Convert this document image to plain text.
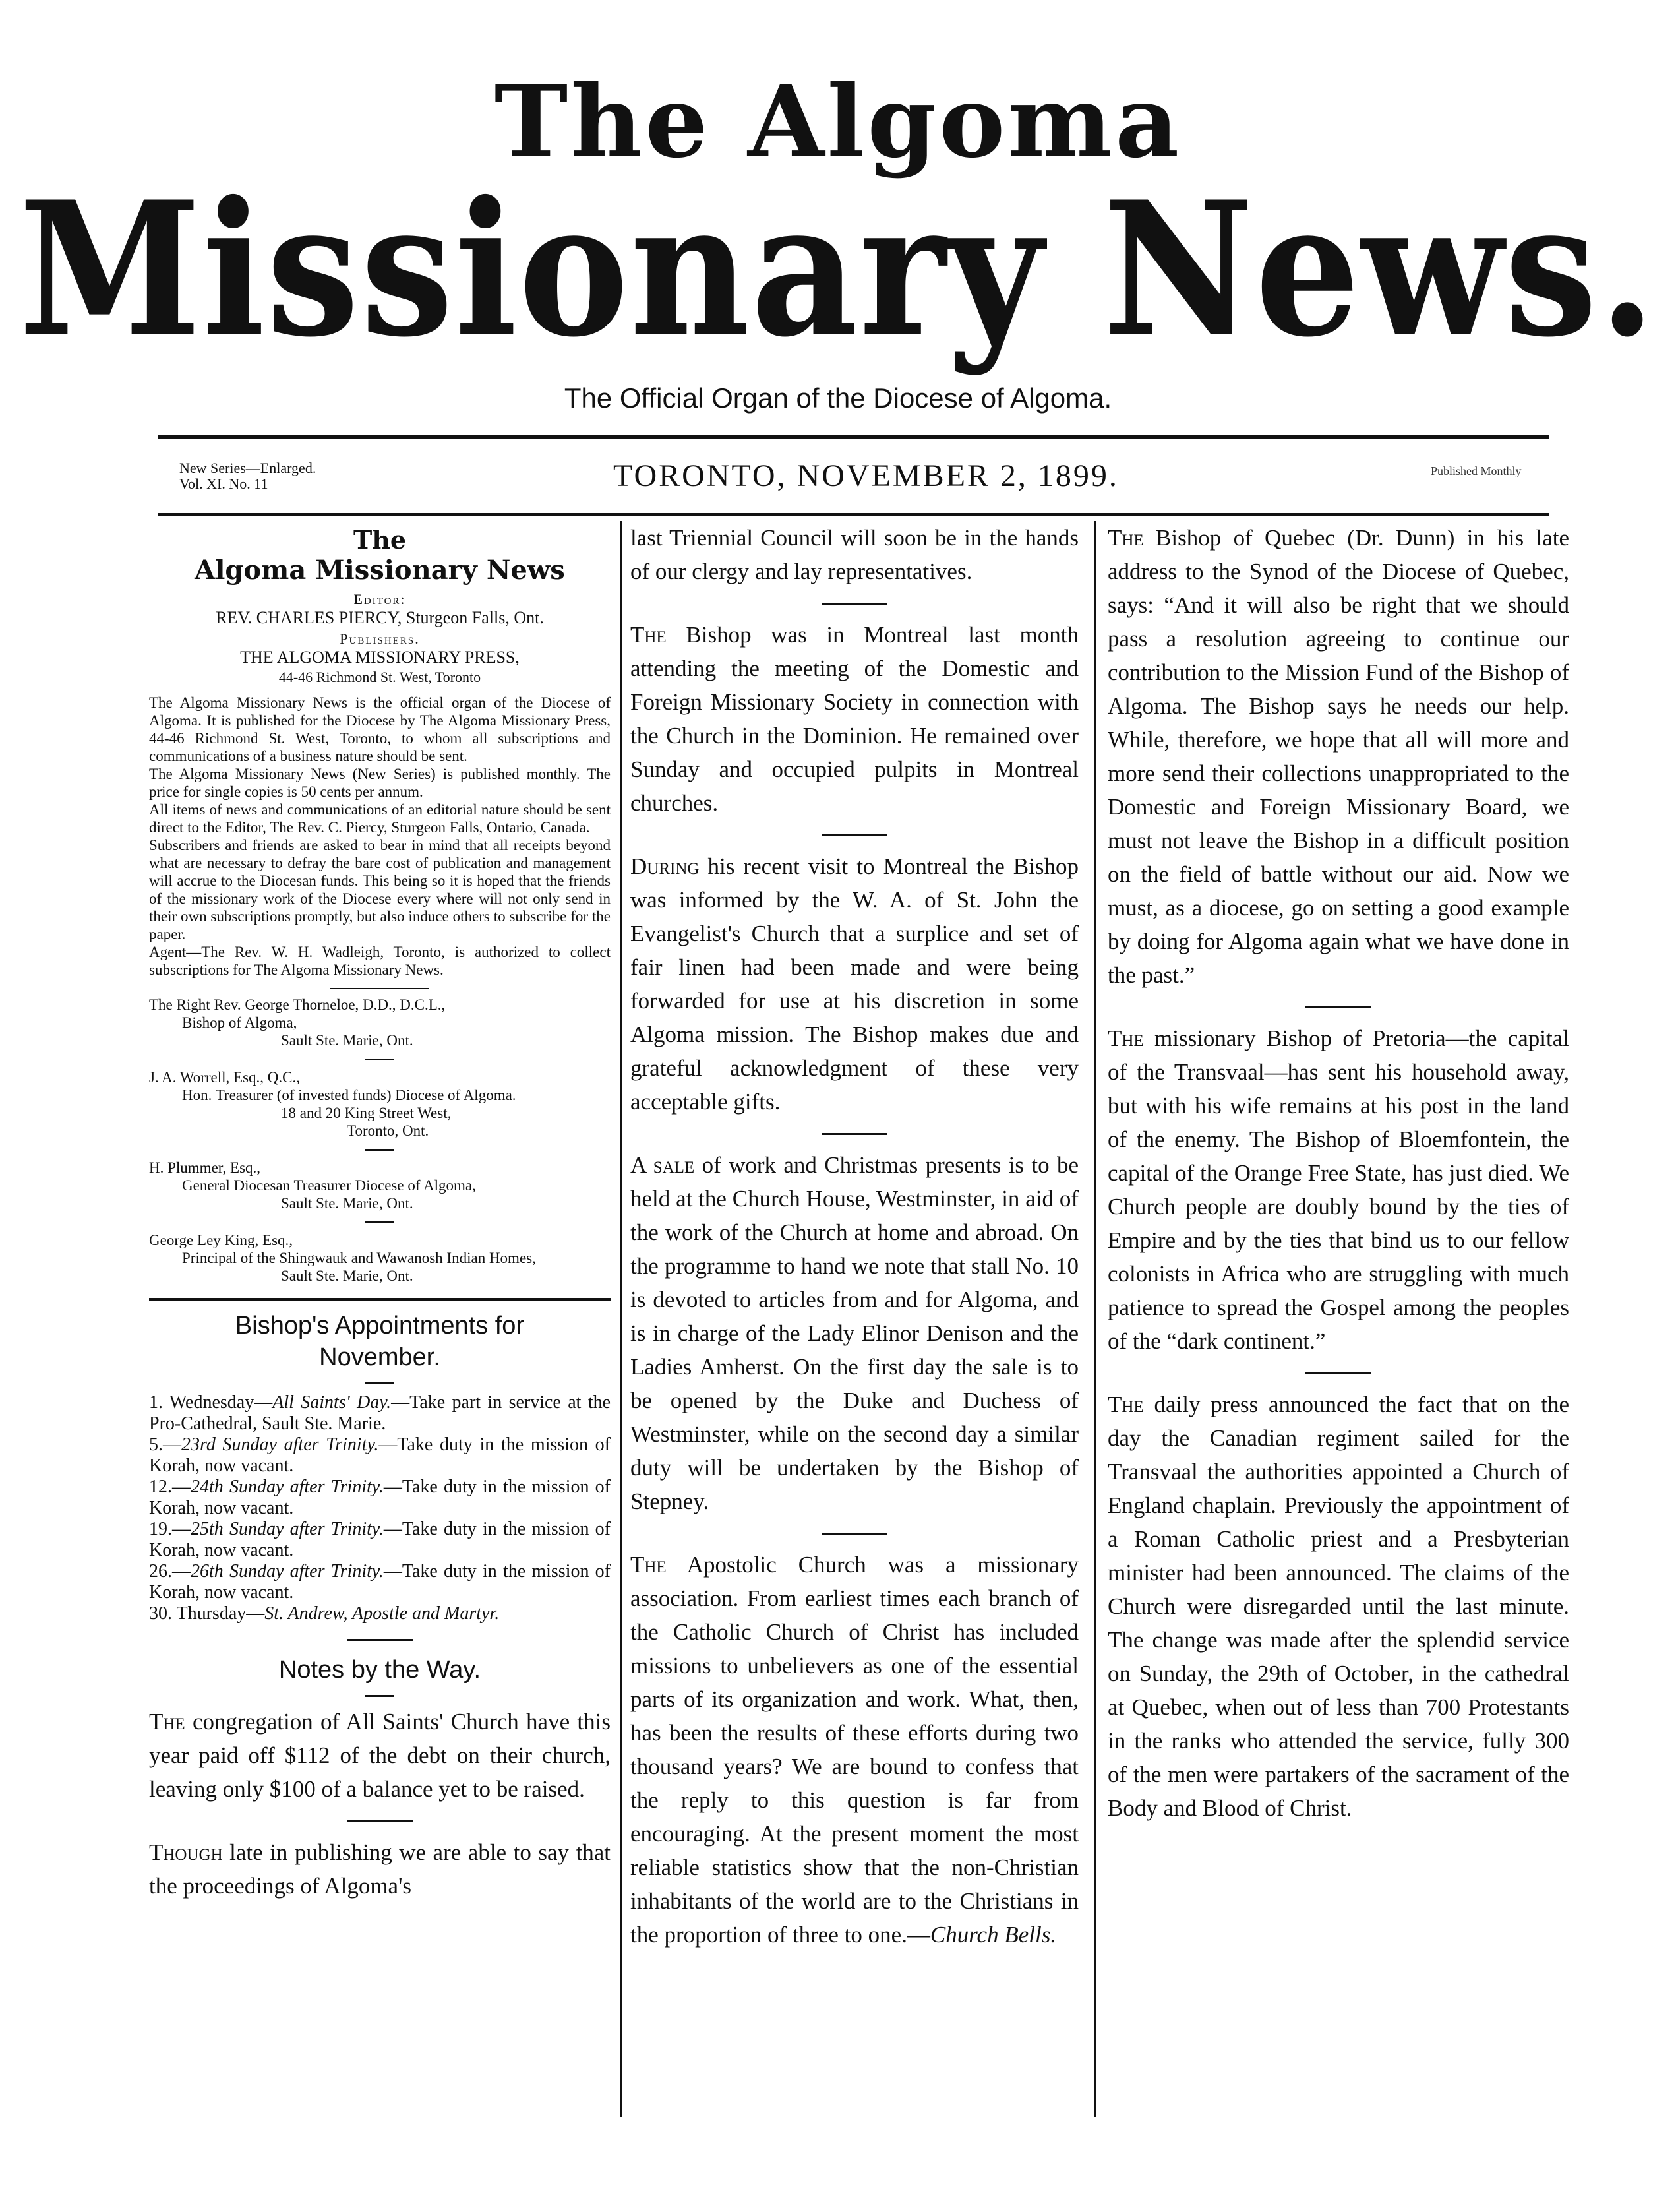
The Algoma
Missionary News.
The Official Organ of the Diocese of Algoma.
New Series—Enlarged.
Vol. XI. No. 11	TORONTO, NOVEMBER 2, 1899.	Published Monthly
The
Algoma Missionary News
Editor:
REV. CHARLES PIERCY, Sturgeon Falls, Ont.
Publishers.
THE ALGOMA MISSIONARY PRESS,
44-46 Richmond St. West, Toronto

The Algoma Missionary News is the official organ of the Diocese of Algoma. It is published for the Diocese by The Algoma Missionary Press, 44-46 Richmond St. West, Toronto, to whom all subscriptions and communications of a business nature should be sent.

The Algoma Missionary News (New Series) is published monthly. The price for single copies is 50 cents per annum.

All items of news and communications of an editorial nature should be sent direct to the Editor, The Rev. C. Piercy, Sturgeon Falls, Ontario, Canada.

Subscribers and friends are asked to bear in mind that all receipts beyond what are necessary to defray the bare cost of publication and management will accrue to the Diocesan funds. This being so it is hoped that the friends of the missionary work of the Diocese every where will not only send in their own subscriptions promptly, but also induce others to subscribe for the paper.

Agent—The Rev. W. H. Wadleigh, Toronto, is authorized to collect subscriptions for The Algoma Missionary News.

The Right Rev. George Thorneloe, D.D., D.C.L.,
Bishop of Algoma,
Sault Ste. Marie, Ont.
J. A. Worrell, Esq., Q.C.,
Hon. Treasurer (of invested funds) Diocese of Algoma.
18 and 20 King Street West,
Toronto, Ont.
H. Plummer, Esq.,
General Diocesan Treasurer Diocese of Algoma,
Sault Ste. Marie, Ont.
George Ley King, Esq.,
Principal of the Shingwauk and Wawanosh Indian Homes,
Sault Ste. Marie, Ont.
Bishop's Appointments for
November.

1. Wednesday—All Saints' Day.—Take part in service at the Pro-Cathedral, Sault Ste. Marie.

5.—23rd Sunday after Trinity.—Take duty in the mission of Korah, now vacant.

12.—24th Sunday after Trinity.—Take duty in the mission of Korah, now vacant.

19.—25th Sunday after Trinity.—Take duty in the mission of Korah, now vacant.

26.—26th Sunday after Trinity.—Take duty in the mission of Korah, now vacant.

30. Thursday—St. Andrew, Apostle and Martyr.

Notes by the Way.

The congregation of All Saints' Church have this year paid off $112 of the debt on their church, leaving only $100 of a balance yet to be raised.

Though late in publishing we are able to say that the proceedings of Algoma's

last Triennial Council will soon be in the hands of our clergy and lay representatives.

The Bishop was in Montreal last month attending the meeting of the Domestic and Foreign Missionary Society in connection with the Church in the Dominion. He remained over Sunday and occupied pulpits in Montreal churches.

During his recent visit to Montreal the Bishop was informed by the W. A. of St. John the Evangelist's Church that a surplice and set of fair linen had been made and were being forwarded for use at his discretion in some Algoma mission. The Bishop makes due and grateful acknowledgment of these very acceptable gifts.

A sale of work and Christmas presents is to be held at the Church House, Westminster, in aid of the work of the Church at home and abroad. On the programme to hand we note that stall No. 10 is devoted to articles from and for Algoma, and is in charge of the Lady Elinor Denison and the Ladies Amherst. On the first day the sale is to be opened by the Duke and Duchess of Westminster, while on the second day a similar duty will be undertaken by the Bishop of Stepney.

The Apostolic Church was a missionary association. From earliest times each branch of the Catholic Church of Christ has included missions to unbelievers as one of the essential parts of its organization and work. What, then, has been the results of these efforts during two thousand years? We are bound to confess that the reply to this question is far from encouraging. At the present moment the most reliable statistics show that the non-Christian inhabitants of the world are to the Christians in the proportion of three to one.—Church Bells.

The Bishop of Quebec (Dr. Dunn) in his late address to the Synod of the Diocese of Quebec, says: “And it will also be right that we should pass a resolution agreeing to continue our contribution to the Mission Fund of the Bishop of Algoma. The Bishop says he needs our help. While, therefore, we hope that all will more and more send their collections unappropriated to the Domestic and Foreign Missionary Board, we must not leave the Bishop in a difficult position on the field of battle without our aid. Now we must, as a diocese, go on setting a good example by doing for Algoma again what we have done in the past.”

The missionary Bishop of Pretoria—the capital of the Transvaal—has sent his household away, but with his wife remains at his post in the land of the enemy. The Bishop of Bloemfontein, the capital of the Orange Free State, has just died. We Church people are doubly bound by the ties of Empire and by the ties that bind us to our fellow colonists in Africa who are struggling with much patience to spread the Gospel among the peoples of the “dark continent.”

The daily press announced the fact that on the day the Canadian regiment sailed for the Transvaal the authorities appointed a Church of England chaplain. Previously the appointment of a Roman Catholic priest and a Presbyterian minister had been announced. The claims of the Church were disregarded until the last minute. The change was made after the splendid service on Sunday, the 29th of October, in the cathedral at Quebec, when out of less than 700 Protestants in the ranks who attended the service, fully 300 of the men were partakers of the sacrament of the Body and Blood of Christ.
